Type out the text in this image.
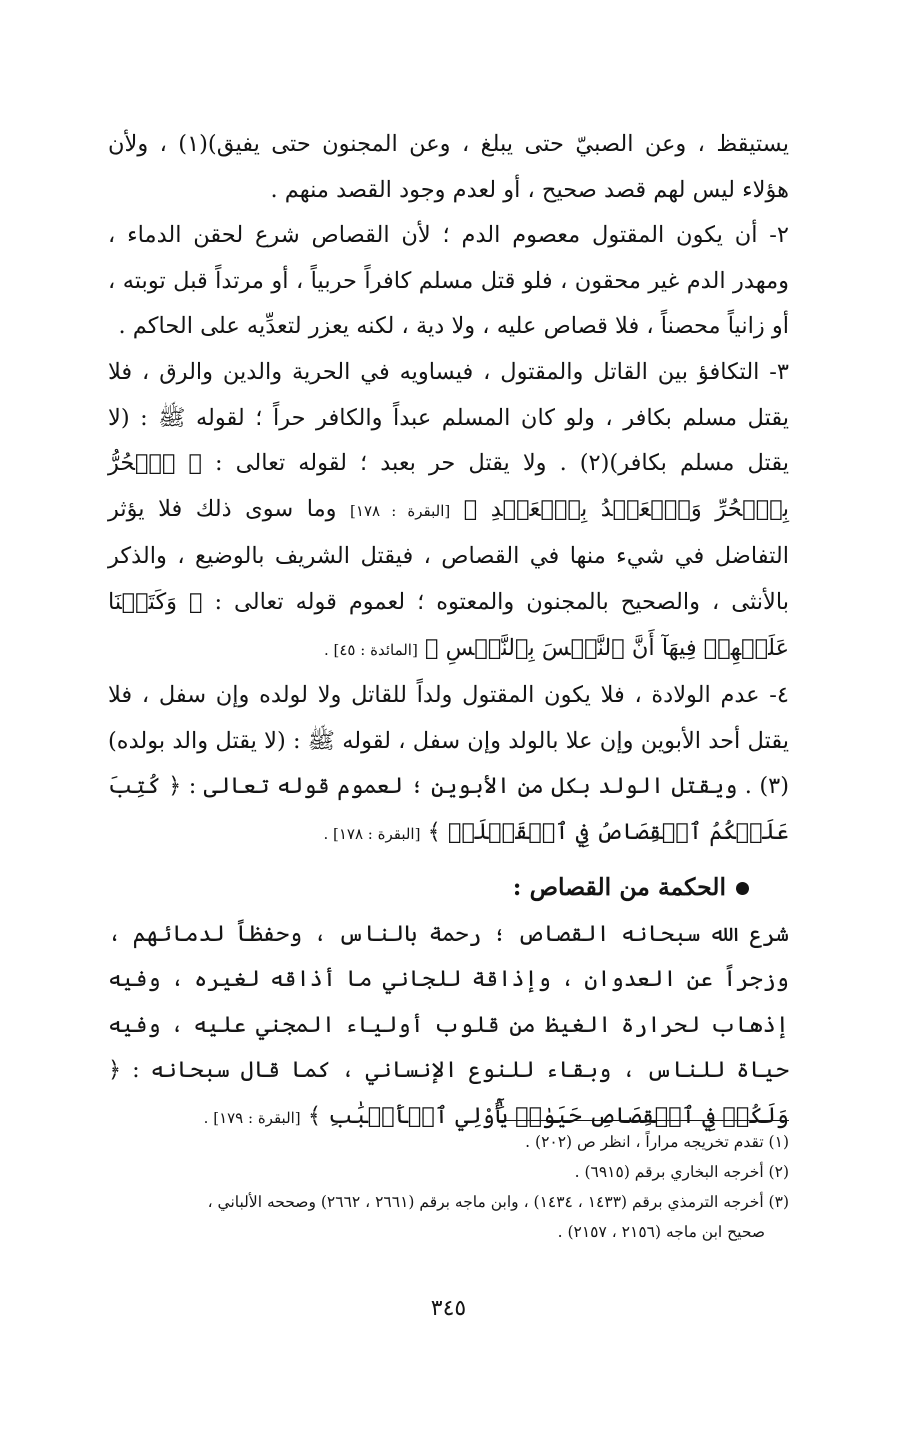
يستيقظ ، وعن الصبيّ حتى يبلغ ، وعن المجنون حتى يفيق)(١) ، ولأن هؤلاء ليس لهم قصد صحيح ، أو لعدم وجود القصد منهم .

٢- أن يكون المقتول معصوم الدم ؛ لأن القصاص شرع لحقن الدماء ، ومهدر الدم غير محقون ، فلو قتل مسلم كافراً حربياً ، أو مرتداً قبل توبته ، أو زانياً محصناً ، فلا قصاص عليه ، ولا دية ، لكنه يعزر لتعدِّيه على الحاكم .

٣- التكافؤ بين القاتل والمقتول ، فيساويه في الحرية والدين والرق ، فلا يقتل مسلم بكافر ، ولو كان المسلم عبداً والكافر حراً ؛ لقوله ﷺ : (لا يقتل مسلم بكافر)(٢) . ولا يقتل حر بعبد ؛ لقوله تعالى : ﴿ ٱلۡحُرُّ بِٱلۡحُرِّ وَٱلۡعَبۡدُ بِٱلۡعَبۡدِ ﴾ [البقرة : ١٧٨] وما سوى ذلك فلا يؤثر التفاضل في شيء منها في القصاص ، فيقتل الشريف بالوضيع ، والذكر بالأنثى ، والصحيح بالمجنون والمعتوه ؛ لعموم قوله تعالى : ﴿ وَكَتَبۡنَا عَلَيۡهِمۡ فِيهَآ أَنَّ ٱلنَّفۡسَ بِٱلنَّفۡسِ ﴾ [المائدة : ٤٥] .

٤- عدم الولادة ، فلا يكون المقتول ولداً للقاتل ولا لولده وإن سفل ، فلا يقتل أحد الأبوين وإن علا بالولد وإن سفل ، لقوله ﷺ : (لا يقتل والد بولده)(٣) . ويقتل الولد بكل من الأبوين ؛ لعموم قوله تعالى : ﴿ كُتِبَ عَلَيۡكُمُ ٱلۡقِصَاصُ فِي ٱلۡقَتۡلَىۖ ﴾ [البقرة : ١٧٨] .

الحكمة من القصاص :

شرع الله سبحانه القصاص ؛ رحمة بالناس ، وحفظاً لدمائهم ، وزجراً عن العدوان ، وإذاقة للجاني ما أذاقه لغيره ، وفيه إذهاب لحرارة الغيظ من قلوب أولياء المجني عليه ، وفيه حياة للناس ، وبقاء للنوع الإنساني ، كما قال سبحانه : ﴿ وَلَكُمۡ فِي ٱلۡقِصَاصِ حَيَوٰةٞ يَٰٓأُوْلِي ٱلۡأَلۡبَٰبِ ﴾ [البقرة : ١٧٩] .

(١) تقدم تخريجه مراراً ، انظر ص (٢٠٢) .

(٢) أخرجه البخاري برقم (٦٩١٥) .

(٣) أخرجه الترمذي برقم (١٤٣٣ ، ١٤٣٤) ، وابن ماجه برقم (٢٦٦١ ، ٢٦٦٢) وصححه الألباني ،

صحيح ابن ماجه (٢١٥٦ ، ٢١٥٧) .

٣٤٥
